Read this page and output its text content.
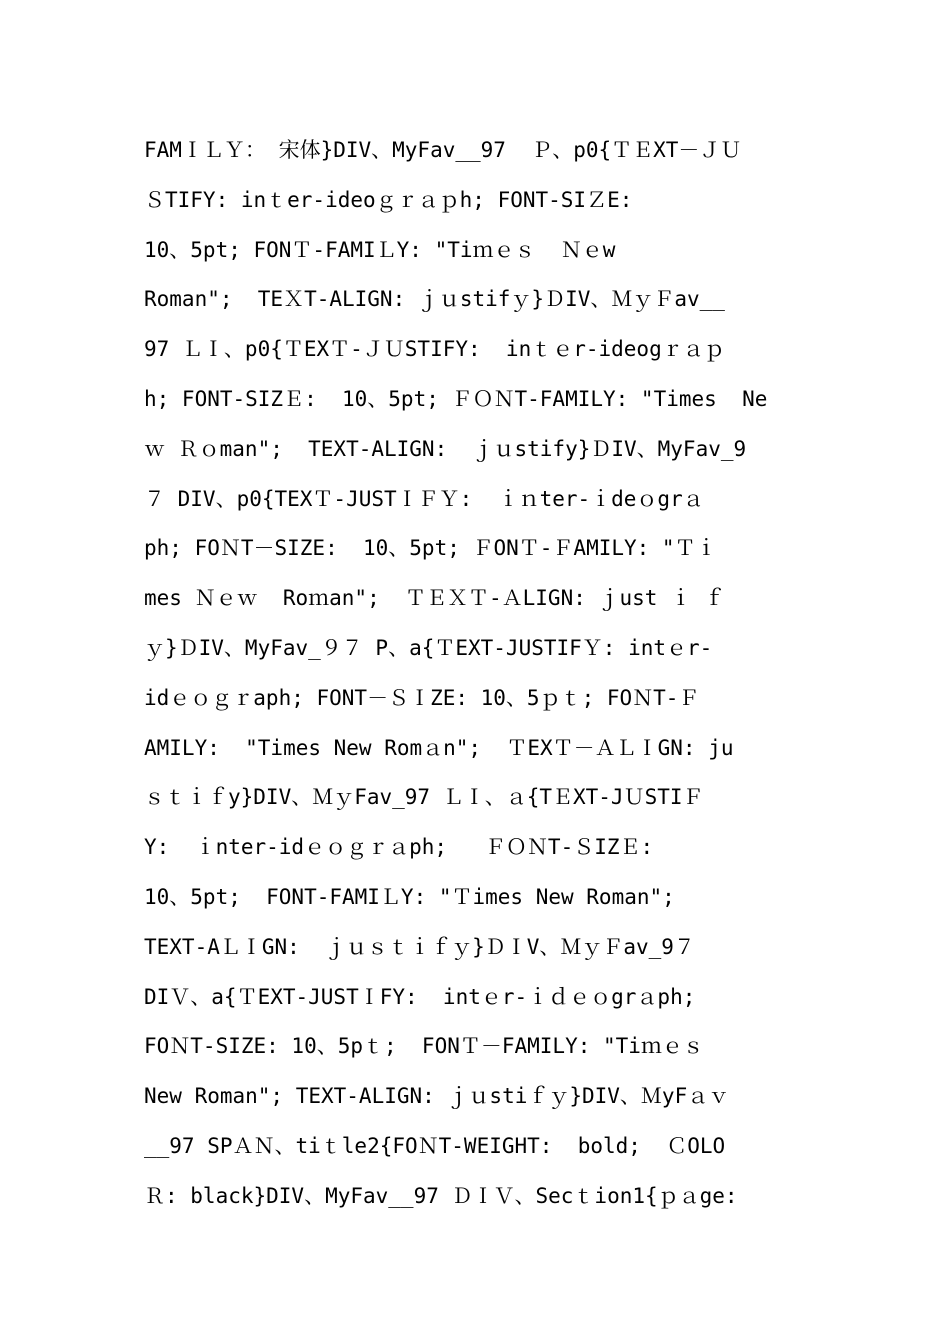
FAMＩＬＹ： 宋体}DIV、MyFav__97  Ｐ、p0{ＴＥXT－ＪＵ
ＳTIFY: inｔer-ideoｇｒａｐh; FONT-SIＺE:
10、5pt; FONＴ-FAMIＬY: "Tiｍｅｓ  Ｎｅw
Roman";  TEＸT-ALIGN: ｊｕstifｙ}ＤIV、ＭｙＦav__
97 ＬＩ、p0{ＴEXＴ-ＪＵSTIFY:  inｔｅr-ideogｒａｐ
h; FONT-SIZＥ:  10、5pt; ＦＯＮT-FAMILY: "Times  Ne
ｗ Ｒｏman";  TEXT-ALIGN:  ｊｕstify}ＤIV、MyFav_9
７ DIV、p0{TEXＴ-JUSTＩＦＹ:  ｉｎter-ｉdeｏgrａ
ph; FOＮT－SIZE:  10、5pt; ＦONＴ-ＦAMILY: "Ｔｉ
mes Ｎｅｗ  Roｍan";  ＴＥＸＴ-ＡLIGN: ｊust ｉ ｆ
ｙ}ＤIV、MyFav_９７ P、a{ＴEXT-JUSTIFＹ: intｅr-
idｅｏｇｒaph; FONT－ＳＩZE: 10、5ｐｔ; FOＮT-Ｆ
AMILY:  "Times New Romａn";  ＴEXＴ－ＡＬＩGN: ju
ｓｔｉｆy}DIV、ＭｙFav_97 ＬＩ、ａ{TＥXT-JＵSTIＦ
Y:  ｉnter-idｅｏｇｒａph;   ＦＯＮT-ＳIZＥ:
10、5pt;  FONT-FAMIＬY: "Ｔimes New Roman";
TEXT-AＬＩGN:  ｊｕｓｔｉｆｙ}ＤＩV、ＭｙＦav_9７
DIＶ、a{ＴEXT-JUSTＩFY:  intｅr-ｉｄｅｏgrａph;
FOＮT-SIZE: 10、5pｔ;  FONＴ－FAMILY: "Tiｍｅｓ
New Roman"; TEXT-ALIGN: ｊｕstiｆｙ}DIV、ＭyFａｖ
__97 SPＡＮ、tiｔle2{FOＮT-WEIGHT:  bold;  ＣOLO
Ｒ: black}DIV、MyFav__97 ＤＩＶ、Secｔion1{ｐａge:
